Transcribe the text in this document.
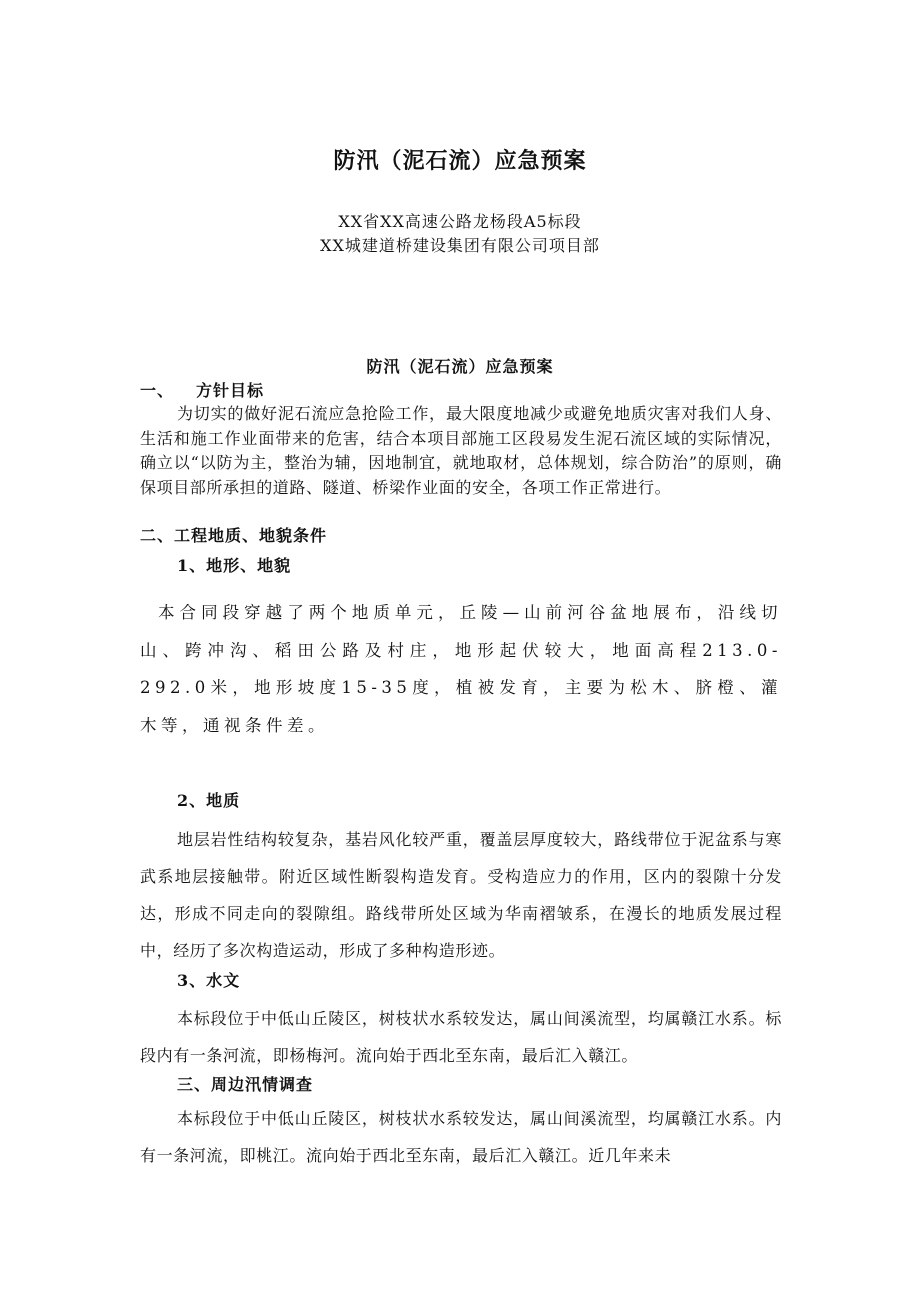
防汛（泥石流）应急预案
XX省XX高速公路龙杨段A5标段
XX城建道桥建设集团有限公司项目部
防汛（泥石流）应急预案
一、 方针目标
为切实的做好泥石流应急抢险工作，最大限度地减少或避免地质灾害对我们人身、生活和施工作业面带来的危害，结合本项目部施工区段易发生泥石流区域的实际情况，确立以“以防为主，整治为辅，因地制宜，就地取材，总体规划，综合防治”的原则，确保项目部所承担的道路、隧道、桥梁作业面的安全，各项工作正常进行。
二、工程地质、地貌条件
1、地形、地貌
本合同段穿越了两个地质单元，丘陵—山前河谷盆地展布，沿线切山、跨冲沟、稻田公路及村庄，地形起伏较大，地面高程213.0-292.0米，地形坡度15-35度，植被发育，主要为松木、脐橙、灌木等，通视条件差。
2、地质
地层岩性结构较复杂，基岩风化较严重，覆盖层厚度较大，路线带位于泥盆系与寒武系地层接触带。附近区域性断裂构造发育。受构造应力的作用，区内的裂隙十分发达，形成不同走向的裂隙组。路线带所处区域为华南褶皱系，在漫长的地质发展过程中，经历了多次构造运动，形成了多种构造形迹。
3、水文
本标段位于中低山丘陵区，树枝状水系较发达，属山间溪流型，均属赣江水系。标段内有一条河流，即杨梅河。流向始于西北至东南，最后汇入赣江。
三、周边汛情调查
本标段位于中低山丘陵区，树枝状水系较发达，属山间溪流型，均属赣江水系。内有一条河流，即桃江。流向始于西北至东南，最后汇入赣江。近几年来未
